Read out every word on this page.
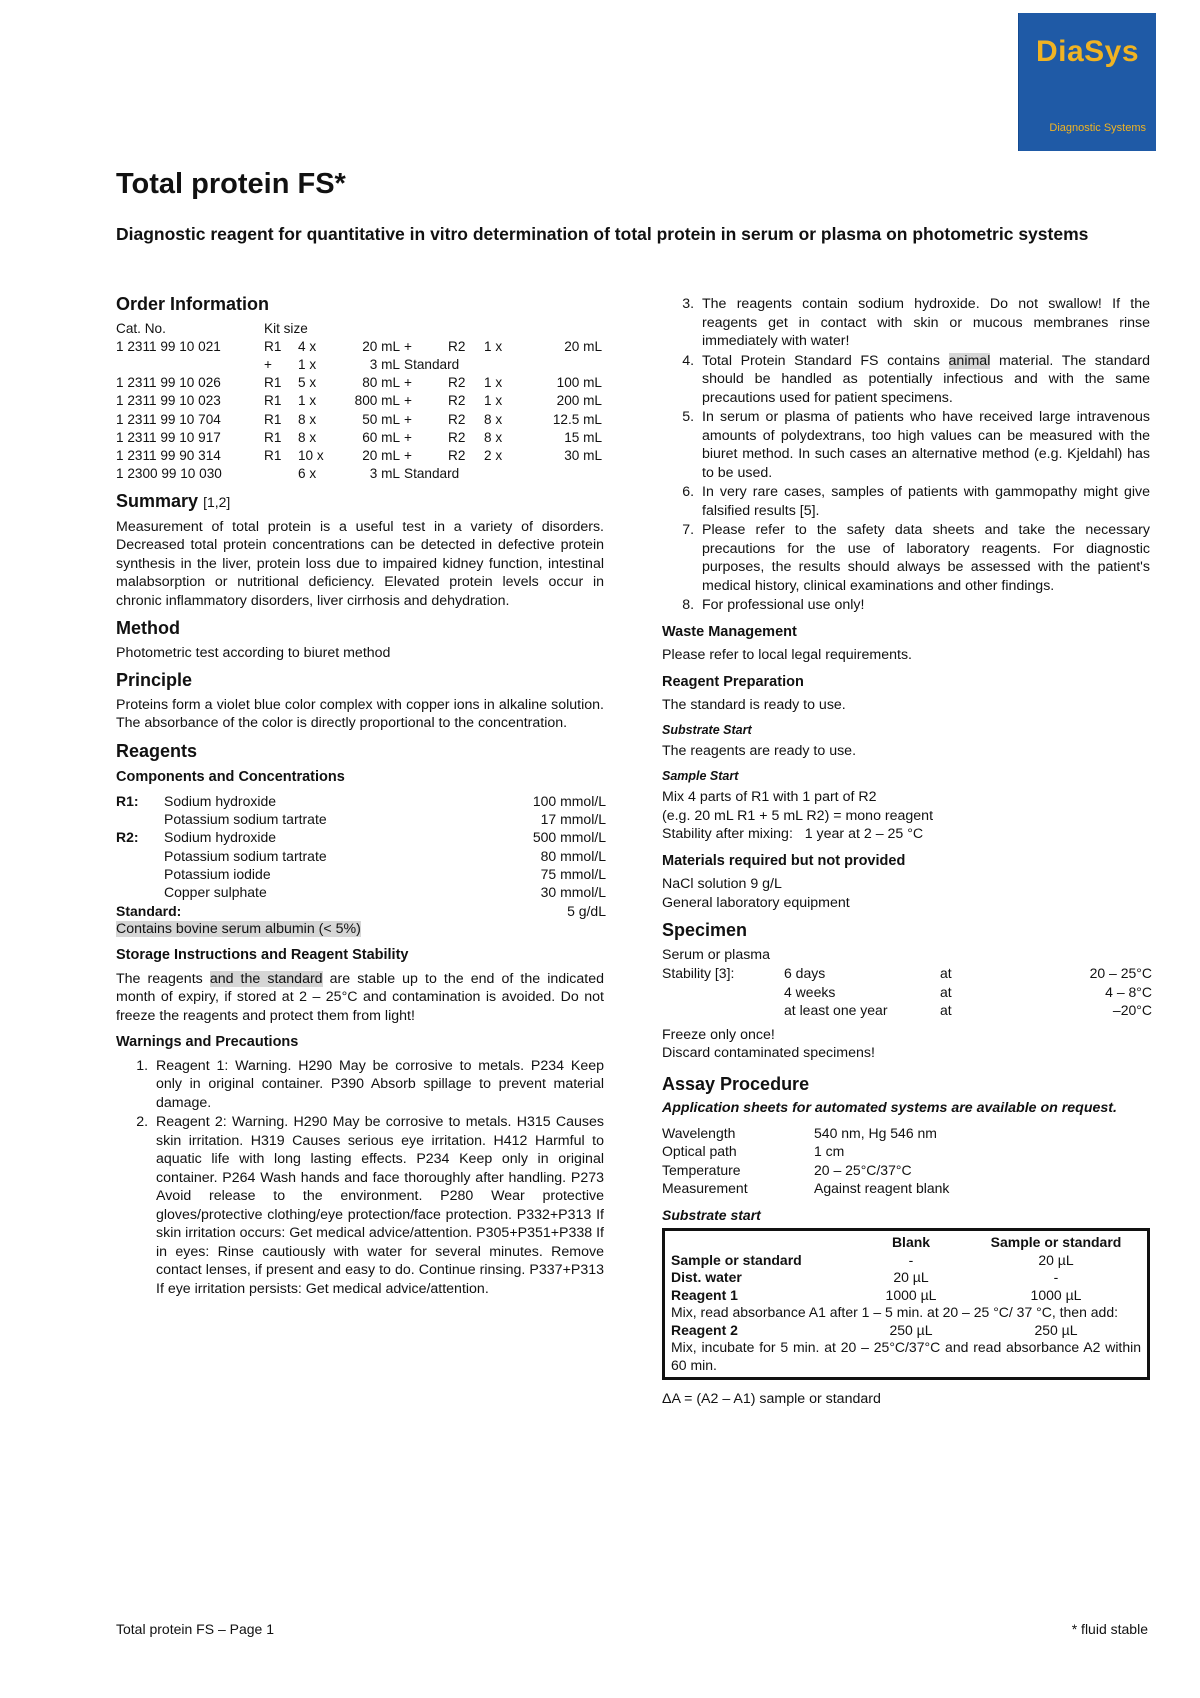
DiaSys
Diagnostic Systems
Total protein FS*
Diagnostic reagent for quantitative in vitro determination of total protein in serum or plasma on photometric systems
Order Information
Cat. No.	Kit size						
1 2311 99 10 021	R1	4 x	20 mL	+	R2	1 x	20 mL
	+	1 x	3 mL	Standard			
1 2311 99 10 026	R1	5 x	80 mL	+	R2	1 x	100 mL
1 2311 99 10 023	R1	1 x	800 mL	+	R2	1 x	200 mL
1 2311 99 10 704	R1	8 x	50 mL	+	R2	8 x	12.5 mL
1 2311 99 10 917	R1	8 x	60 mL	+	R2	8 x	15 mL
1 2311 99 90 314	R1	10 x	20 mL	+	R2	2 x	30 mL
1 2300 99 10 030		6 x	3 mL	Standard			
Summary [1,2]

Measurement of total protein is a useful test in a variety of disorders. Decreased total protein concentrations can be detected in defective protein synthesis in the liver, protein loss due to impaired kidney function, intestinal malabsorption or nutritional deficiency. Elevated protein levels occur in chronic inflammatory disorders, liver cirrhosis and dehydration.

Method

Photometric test according to biuret method

Principle

Proteins form a violet blue color complex with copper ions in alkaline solution. The absorbance of the color is directly proportional to the concentration.

Reagents
Components and Concentrations
R1:	Sodium hydroxide	100 mmol/L
	Potassium sodium tartrate	17 mmol/L
R2:	Sodium hydroxide	500 mmol/L
	Potassium sodium tartrate	80 mmol/L
	Potassium iodide	75 mmol/L
	Copper sulphate	30 mmol/L
Standard:		5 g/dL
Contains bovine serum albumin (< 5%)
Storage Instructions and Reagent Stability

The reagents and the standard are stable up to the end of the indicated month of expiry, if stored at 2 – 25°C and contamination is avoided. Do not freeze the reagents and protect them from light!

Warnings and Precautions
1. Reagent 1: Warning. H290 May be corrosive to metals. P234 Keep only in original container. P390 Absorb spillage to prevent material damage.
2. Reagent 2: Warning. H290 May be corrosive to metals. H315 Causes skin irritation. H319 Causes serious eye irritation. H412 Harmful to aquatic life with long lasting effects. P234 Keep only in original container. P264 Wash hands and face thoroughly after handling. P273 Avoid release to the environment. P280 Wear protective gloves/protective clothing/eye protection/face protection. P332+P313 If skin irritation occurs: Get medical advice/attention. P305+P351+P338 If in eyes: Rinse cautiously with water for several minutes. Remove contact lenses, if present and easy to do. Continue rinsing. P337+P313 If eye irritation persists: Get medical advice/attention.
3. The reagents contain sodium hydroxide. Do not swallow! If the reagents get in contact with skin or mucous membranes rinse immediately with water!
4. Total Protein Standard FS contains animal material. The standard should be handled as potentially infectious and with the same precautions used for patient specimens.
5. In serum or plasma of patients who have received large intravenous amounts of polydextrans, too high values can be measured with the biuret method. In such cases an alternative method (e.g. Kjeldahl) has to be used.
6. In very rare cases, samples of patients with gammopathy might give falsified results [5].
7. Please refer to the safety data sheets and take the necessary precautions for the use of laboratory reagents. For diagnostic purposes, the results should always be assessed with the patient's medical history, clinical examinations and other findings.
8. For professional use only!
Waste Management

Please refer to local legal requirements.

Reagent Preparation

The standard is ready to use.

Substrate Start

The reagents are ready to use.

Sample Start
Mix 4 parts of R1 with 1 part of R2
(e.g. 20 mL R1 + 5 mL R2) = mono reagent
Stability after mixing:   1 year at 2 – 25 °C
Materials required but not provided
NaCl solution 9 g/L
General laboratory equipment
Specimen
Serum or plasma
Stability [3]:	6 days	at	20 – 25°C
	4 weeks	at	4 – 8°C
	at least one year	at	–20°C
Freeze only once!
Discard contaminated specimens!
Assay Procedure

Application sheets for automated systems are available on request.

Wavelength	540 nm, Hg 546 nm
Optical path	1 cm
Temperature	20 – 25°C/37°C
Measurement	Against reagent blank
Substrate start
	Blank	Sample or standard
Sample or standard	-	20 µL
Dist. water	20 µL	-
Reagent 1	1000 µL	1000 µL
Mix, read absorbance A1 after 1 – 5 min. at 20 – 25 °C/ 37 °C, then add:		
Reagent 2	250 µL	250 µL
Mix, incubate for 5 min. at 20 – 25°C/37°C and read absorbance A2 within 60 min.		
ΔA = (A2 – A1) sample or standard
Total protein FS – Page 1	* fluid stable
